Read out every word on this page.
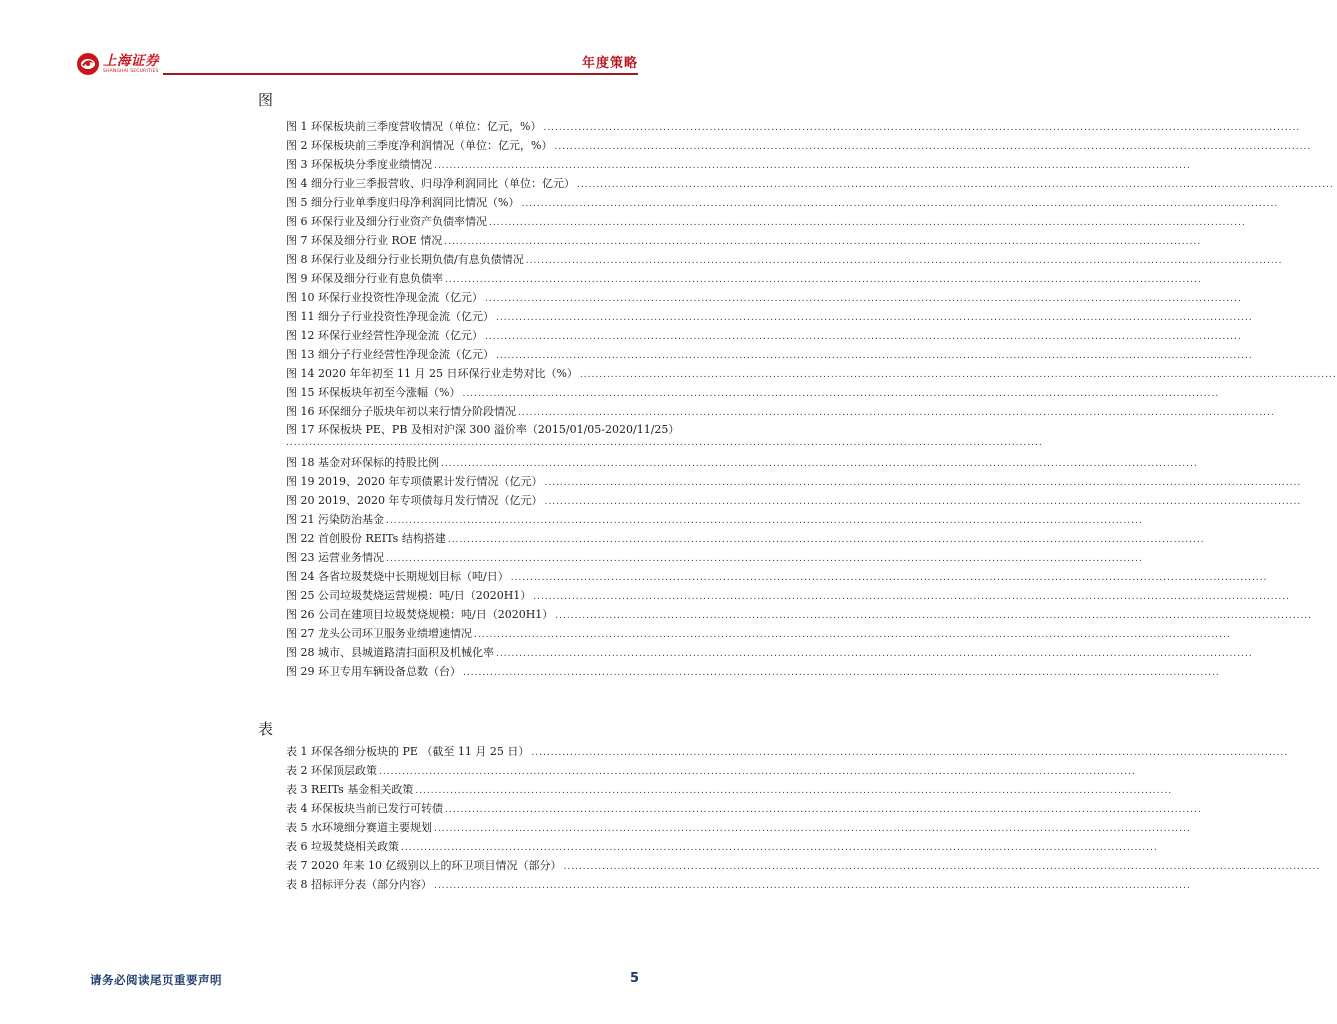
上海证券
SHANGHAI SECURITIES	年度策略
图
图 1 环保板块前三季度营收情况（单位：亿元，%）
.....
图 2 环保板块前三季度净利润情况（单位：亿元，%）
.....
图 3 环保板块分季度业绩情况
.....
图 4 细分行业三季报营收、归母净利润同比（单位：亿元）
.....
图 5 细分行业单季度归母净利润同比情况（%）
.....
图 6 环保行业及细分行业资产负债率情况
.....
图 7 环保及细分行业 ROE 情况
.....
图 8 环保行业及细分行业长期负债/有息负债情况
.....
图 9 环保及细分行业有息负债率
.....
图 10 环保行业投资性净现金流（亿元）
.....
图 11 细分子行业投资性净现金流（亿元）
.....
图 12 环保行业经营性净现金流（亿元）
.....
图 13 细分子行业经营性净现金流（亿元）
.....
图 14 2020 年年初至 11 月 25 日环保行业走势对比（%）
.....
图 15 环保板块年初至今涨幅（%）
.....
图 16 环保细分子版块年初以来行情分阶段情况
.....
图 17 环保板块 PE、PB 及相对沪深 300 溢价率（2015/01/05-2020/11/25）
.....
图 18 基金对环保标的持股比例
.....
图 19 2019、2020 年专项债累计发行情况（亿元）
.....
图 20 2019、2020 年专项债每月发行情况（亿元）
.....
图 21 污染防治基金
.....
图 22 首创股份 REITs 结构搭建
.....
图 23 运营业务情况
.....
图 24 各省垃圾焚烧中长期规划目标（吨/日）
.....
图 25 公司垃圾焚烧运营规模：吨/日（2020H1）
.....
图 26 公司在建项目垃圾焚烧规模：吨/日（2020H1）
.....
图 27 龙头公司环卫服务业绩增速情况
.....
图 28 城市、县城道路清扫面积及机械化率
.....
图 29 环卫专用车辆设备总数（台）
.....
表
表 1 环保各细分板块的 PE （截至 11 月 25 日）
.....
表 2 环保顶层政策
.....
表 3 REITs 基金相关政策
.....
表 4 环保板块当前已发行可转债
.....
表 5 水环境细分赛道主要规划
.....
表 6 垃圾焚烧相关政策
.....
表 7 2020 年来 10 亿级别以上的环卫项目情况（部分）
.....
表 8 招标评分表（部分内容）
.....
请务必阅读尾页重要声明	5
